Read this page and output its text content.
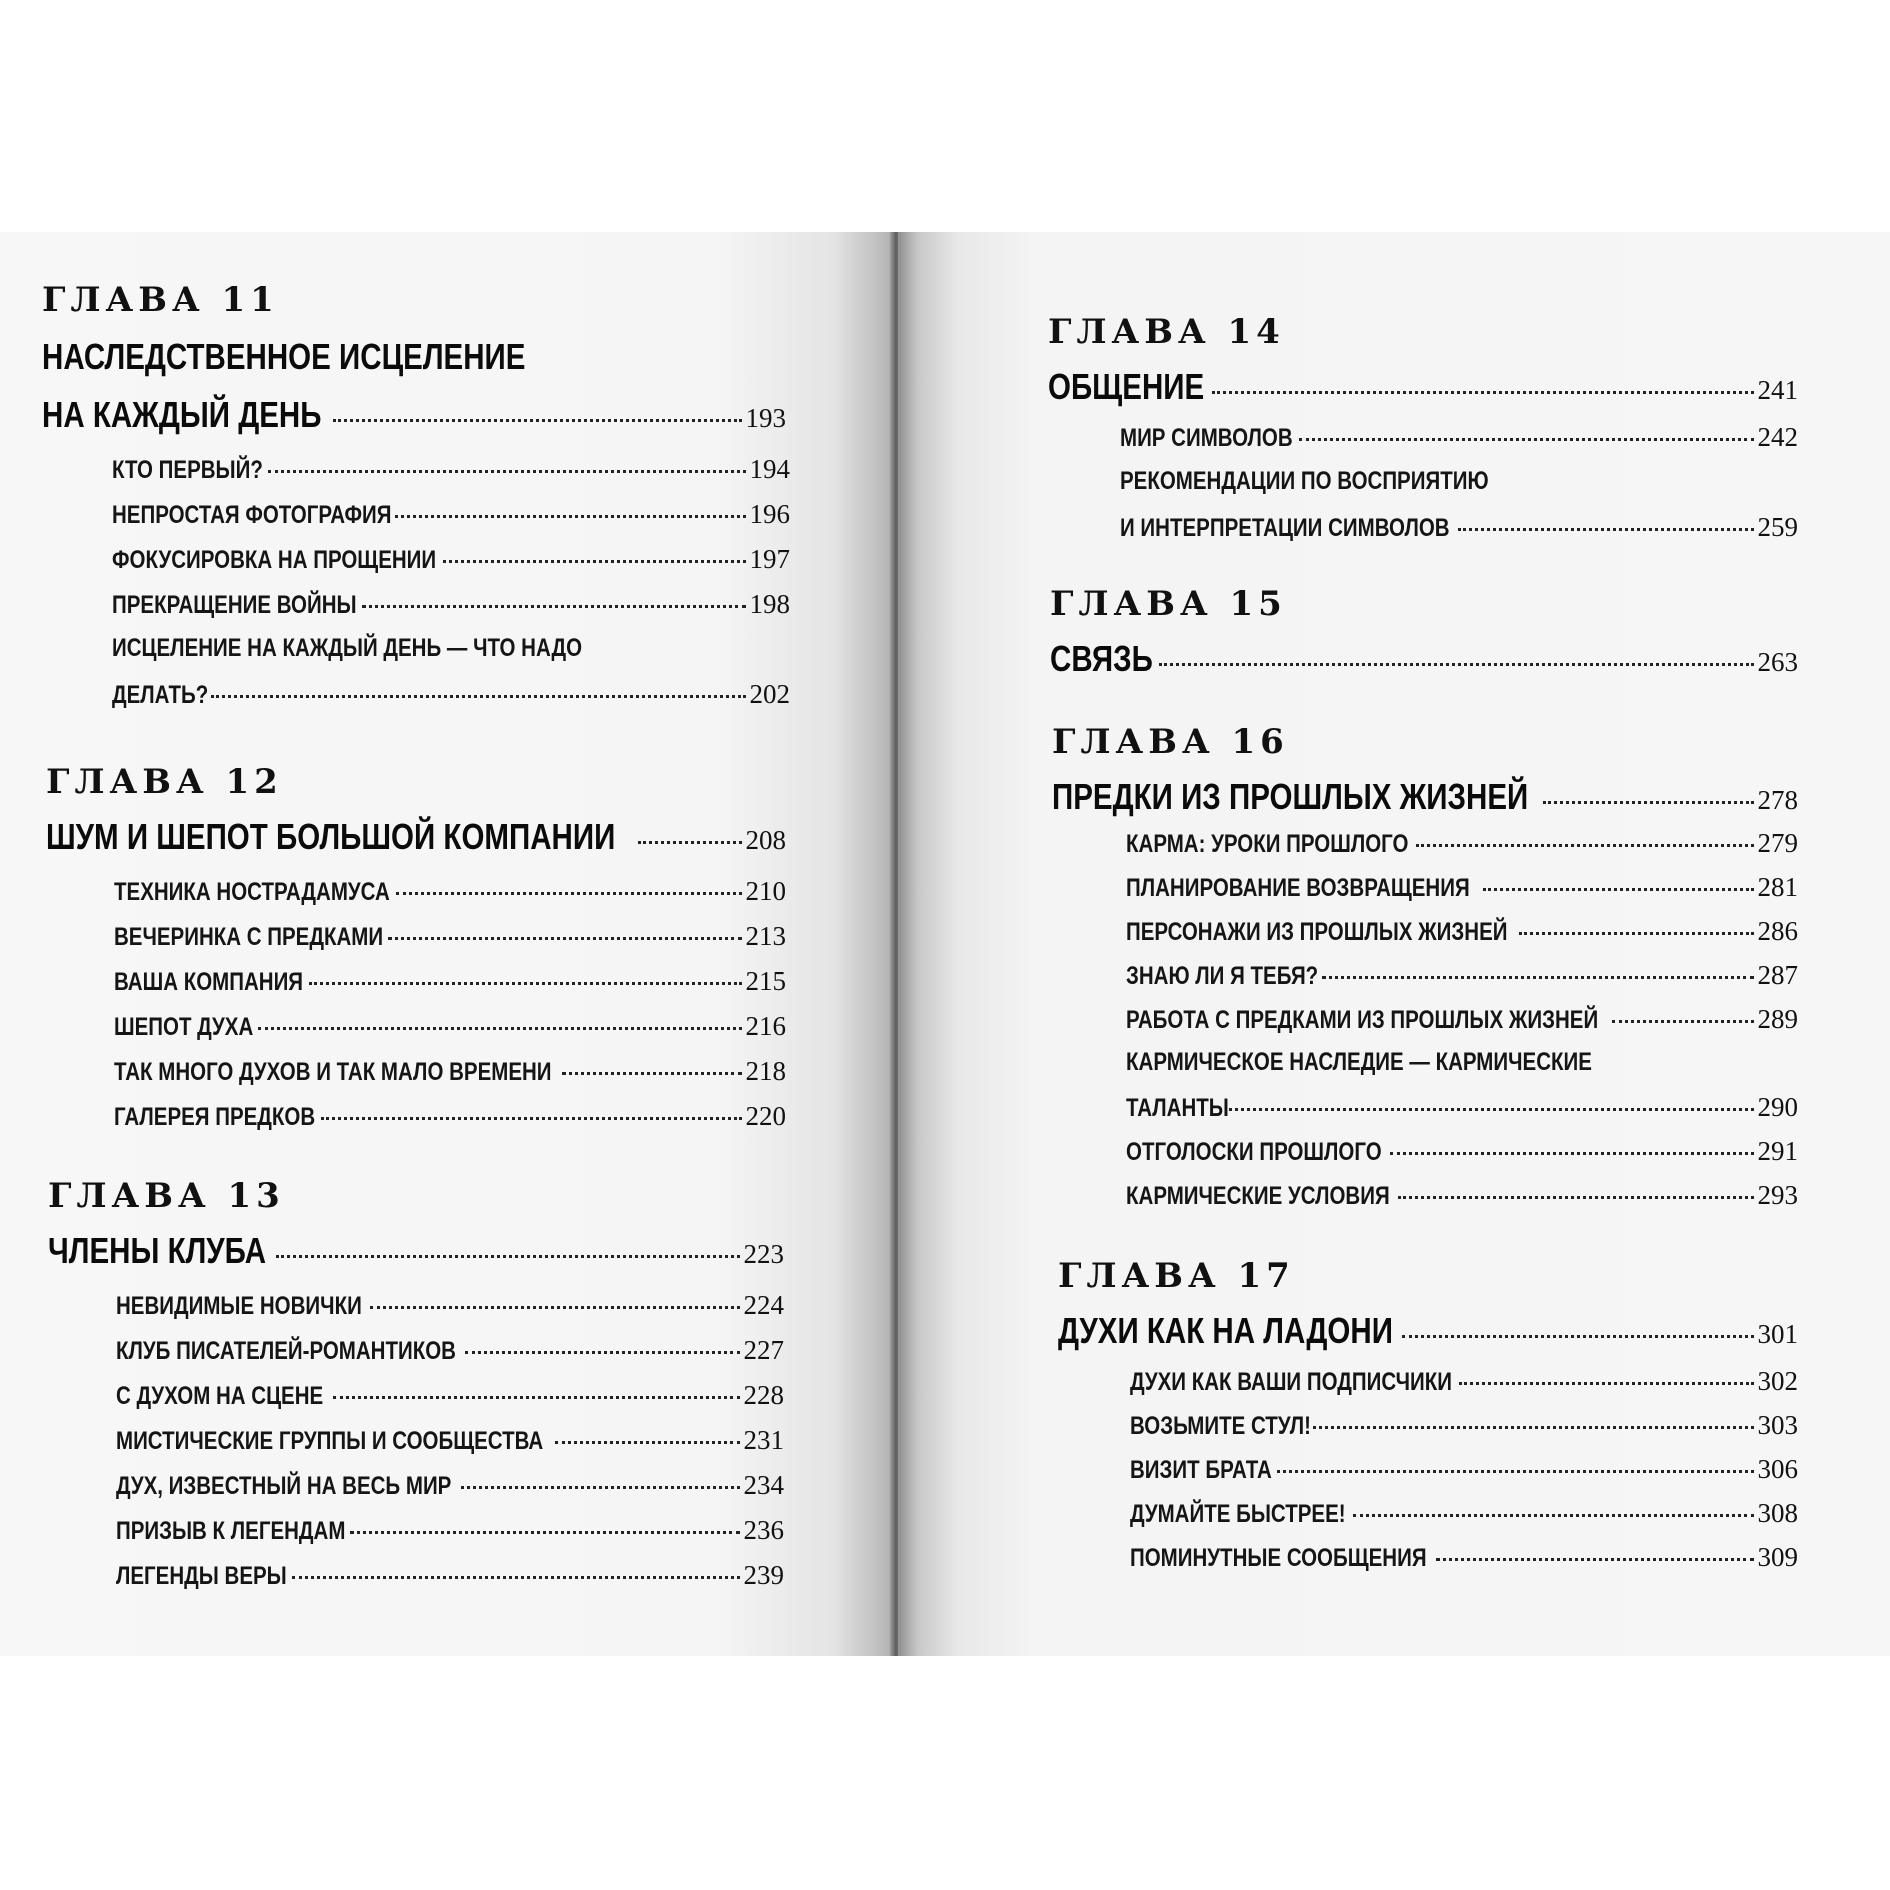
ГЛАВА 11
НАСЛЕДСТВЕННОЕ ИСЦЕЛЕНИЕ
НА КАЖДЫЙ ДЕНЬ	193
КТО ПЕРВЫЙ?	194
НЕПРОСТАЯ ФОТОГРАФИЯ	196
ФОКУСИРОВКА НА ПРОЩЕНИИ	197
ПРЕКРАЩЕНИЕ ВОЙНЫ	198
ИСЦЕЛЕНИЕ НА КАЖДЫЙ ДЕНЬ — ЧТО НАДО
ДЕЛАТЬ?	202
ГЛАВА 12
ШУМ И ШЕПОТ БОЛЬШОЙ КОМПАНИИ	208
ТЕХНИКА НОСТРАДАМУСА	210
ВЕЧЕРИНКА С ПРЕДКАМИ	213
ВАША КОМПАНИЯ	215
ШЕПОТ ДУХА	216
ТАК МНОГО ДУХОВ И ТАК МАЛО ВРЕМЕНИ	218
ГАЛЕРЕЯ ПРЕДКОВ	220
ГЛАВА 13
ЧЛЕНЫ КЛУБА	223
НЕВИДИМЫЕ НОВИЧКИ	224
КЛУБ ПИСАТЕЛЕЙ-РОМАНТИКОВ	227
С ДУХОМ НА СЦЕНЕ	228
МИСТИЧЕСКИЕ ГРУППЫ И СООБЩЕСТВА	231
ДУХ, ИЗВЕСТНЫЙ НА ВЕСЬ МИР	234
ПРИЗЫВ К ЛЕГЕНДАМ	236
ЛЕГЕНДЫ ВЕРЫ	239
ГЛАВА 14
ОБЩЕНИЕ	241
МИР СИМВОЛОВ	242
РЕКОМЕНДАЦИИ ПО ВОСПРИЯТИЮ
И ИНТЕРПРЕТАЦИИ СИМВОЛОВ	259
ГЛАВА 15
СВЯЗЬ	263
ГЛАВА 16
ПРЕДКИ ИЗ ПРОШЛЫХ ЖИЗНЕЙ	278
КАРМА: УРОКИ ПРОШЛОГО	279
ПЛАНИРОВАНИЕ ВОЗВРАЩЕНИЯ	281
ПЕРСОНАЖИ ИЗ ПРОШЛЫХ ЖИЗНЕЙ	286
ЗНАЮ ЛИ Я ТЕБЯ?	287
РАБОТА С ПРЕДКАМИ ИЗ ПРОШЛЫХ ЖИЗНЕЙ	289
КАРМИЧЕСКОЕ НАСЛЕДИЕ — КАРМИЧЕСКИЕ
ТАЛАНТЫ	290
ОТГОЛОСКИ ПРОШЛОГО	291
КАРМИЧЕСКИЕ УСЛОВИЯ	293
ГЛАВА 17
ДУХИ КАК НА ЛАДОНИ	301
ДУХИ КАК ВАШИ ПОДПИСЧИКИ	302
ВОЗЬМИТЕ СТУЛ!	303
ВИЗИТ БРАТА	306
ДУМАЙТЕ БЫСТРЕЕ!	308
ПОМИНУТНЫЕ СООБЩЕНИЯ	309
